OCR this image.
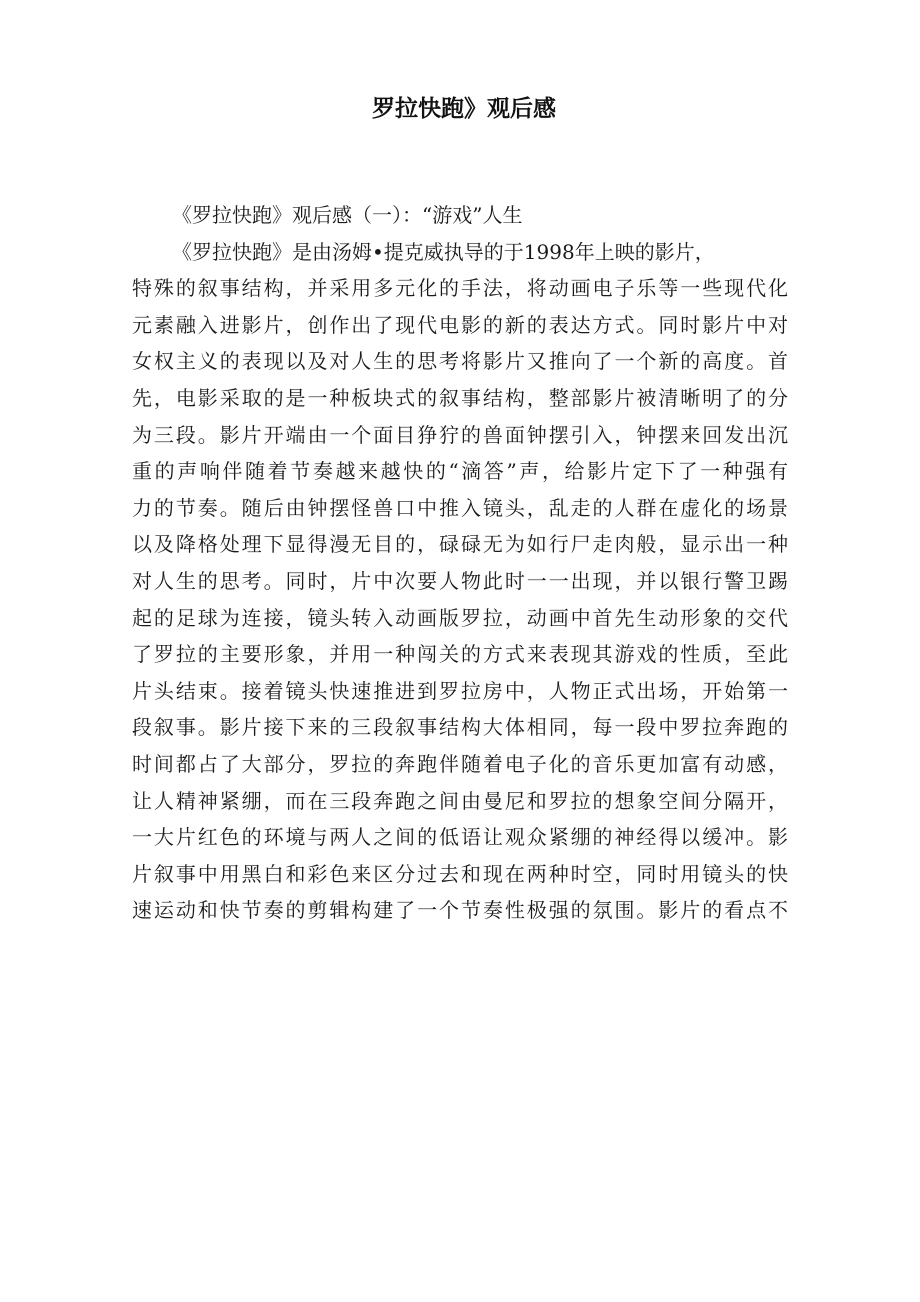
罗拉快跑》观后感
《罗拉快跑》观后感（一）：“游戏”人生
《罗拉快跑》是由汤姆•提克威执导的于1998年上映的影片，
特殊的叙事结构，并采用多元化的手法，将动画电子乐等一些现代化
元素融入进影片，创作出了现代电影的新的表达方式。同时影片中对
女权主义的表现以及对人生的思考将影片又推向了一个新的高度。首
先，电影采取的是一种板块式的叙事结构，整部影片被清晰明了的分
为三段。影片开端由一个面目狰狞的兽面钟摆引入，钟摆来回发出沉
重的声响伴随着节奏越来越快的“滴答”声，给影片定下了一种强有
力的节奏。随后由钟摆怪兽口中推入镜头，乱走的人群在虚化的场景
以及降格处理下显得漫无目的，碌碌无为如行尸走肉般，显示出一种
对人生的思考。同时，片中次要人物此时一一出现，并以银行警卫踢
起的足球为连接，镜头转入动画版罗拉，动画中首先生动形象的交代
了罗拉的主要形象，并用一种闯关的方式来表现其游戏的性质，至此
片头结束。接着镜头快速推进到罗拉房中，人物正式出场，开始第一
段叙事。影片接下来的三段叙事结构大体相同，每一段中罗拉奔跑的
时间都占了大部分，罗拉的奔跑伴随着电子化的音乐更加富有动感，
让人精神紧绷，而在三段奔跑之间由曼尼和罗拉的想象空间分隔开，
一大片红色的环境与两人之间的低语让观众紧绷的神经得以缓冲。影
片叙事中用黑白和彩色来区分过去和现在两种时空，同时用镜头的快
速运动和快节奏的剪辑构建了一个节奏性极强的氛围。影片的看点不
